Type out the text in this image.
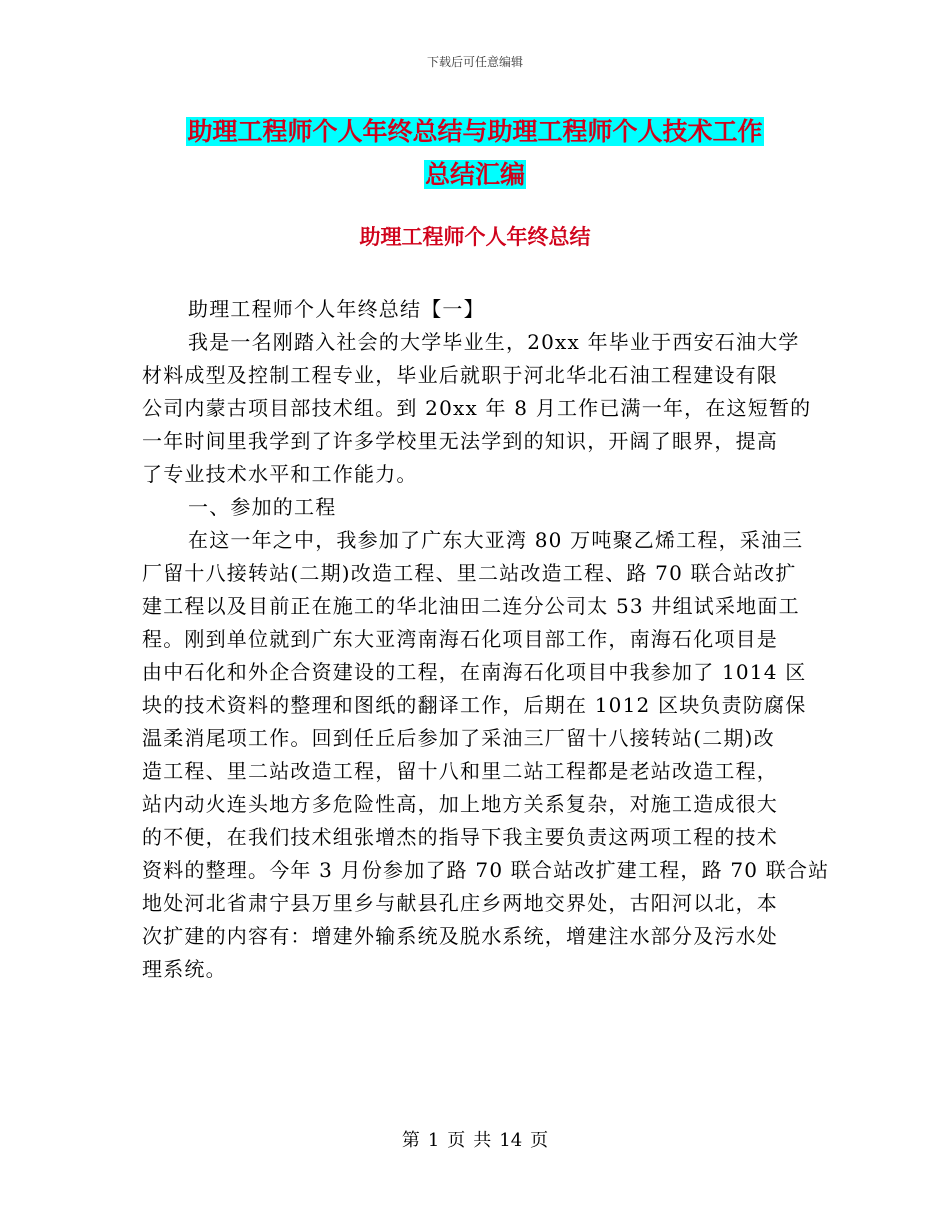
下载后可任意编辑
助理工程师个人年终总结与助理工程师个人技术工作
总结汇编
助理工程师个人年终总结
助理工程师个人年终总结【一】
我是一名刚踏入社会的大学毕业生，20xx 年毕业于西安石油大学
材料成型及控制工程专业，毕业后就职于河北华北石油工程建设有限
公司内蒙古项目部技术组。到 20xx 年 8 月工作已满一年，在这短暂的
一年时间里我学到了许多学校里无法学到的知识，开阔了眼界，提高
了专业技术水平和工作能力。
一、参加的工程
在这一年之中，我参加了广东大亚湾 80 万吨聚乙烯工程，采油三
厂留十八接转站(二期)改造工程、里二站改造工程、路 70 联合站改扩
建工程以及目前正在施工的华北油田二连分公司太 53 井组试采地面工
程。刚到单位就到广东大亚湾南海石化项目部工作，南海石化项目是
由中石化和外企合资建设的工程，在南海石化项目中我参加了 1014 区
块的技术资料的整理和图纸的翻译工作，后期在 1012 区块负责防腐保
温柔消尾项工作。回到任丘后参加了采油三厂留十八接转站(二期)改
造工程、里二站改造工程，留十八和里二站工程都是老站改造工程，
站内动火连头地方多危险性高，加上地方关系复杂，对施工造成很大
的不便，在我们技术组张增杰的指导下我主要负责这两项工程的技术
资料的整理。今年 3 月份参加了路 70 联合站改扩建工程，路 70 联合站
地处河北省肃宁县万里乡与献县孔庄乡两地交界处，古阳河以北，本
次扩建的内容有：增建外输系统及脱水系统，增建注水部分及污水处
理系统。
第 1 页 共 14 页
